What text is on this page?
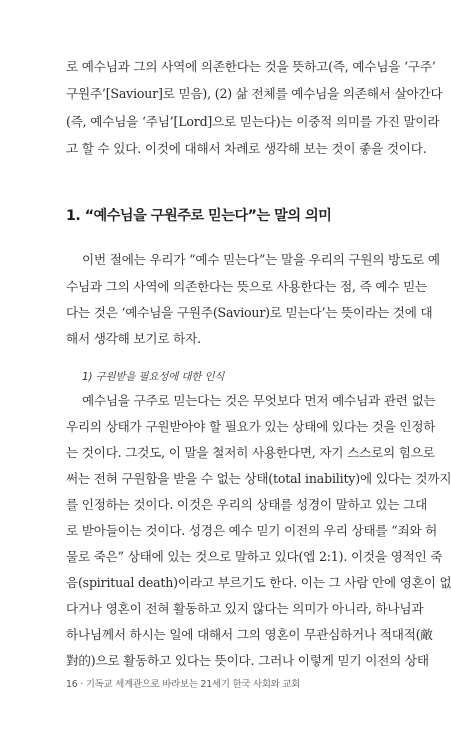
로 예수님과 그의 사역에 의존한다는 것을 뜻하고(즉, 예수님을 ‘구주’
구원주’[Saviour]로 믿음), (2) 삶 전체를 예수님을 의존해서 살아간다
(즉, 예수님을 ‘주님’[Lord]으로 믿는다)는 이중적 의미를 가진 말이라
고 할 수 있다. 이것에 대해서 차례로 생각해 보는 것이 좋을 것이다.
1. “예수님을 구원주로 믿는다”는 말의 의미
이번 절에는 우리가 “예수 믿는다”는 말을 우리의 구원의 방도로 예
수님과 그의 사역에 의존한다는 뜻으로 사용한다는 점, 즉 예수 믿는
다는 것은 ‘예수님을 구원주(Saviour)로 믿는다’는 뜻이라는 것에 대
해서 생각해 보기로 하자.
1) 구원받을 필요성에 대한 인식
예수님을 구주로 믿는다는 것은 무엇보다 먼저 예수님과 관련 없는
우리의 상태가 구원받아야 할 필요가 있는 상태에 있다는 것을 인정하
는 것이다. 그것도, 이 말을 철저히 사용한다면, 자기 스스로의 힘으로
써는 전혀 구원함을 받을 수 없는 상태(total inability)에 있다는 것까지
를 인정하는 것이다. 이것은 우리의 상태를 성경이 말하고 있는 그대
로 받아들이는 것이다. 성경은 예수 믿기 이전의 우리 상태를 “죄와 허
물로 죽은” 상태에 있는 것으로 말하고 있다(엡 2:1). 이것을 영적인 죽
음(spiritual death)이라고 부르기도 한다. 이는 그 사람 안에 영혼이 없
다거나 영혼이 전혀 활동하고 있지 않다는 의미가 아니라, 하나님과
하나님께서 하시는 일에 대해서 그의 영혼이 무관심하거나 적대적(敵
對的)으로 활동하고 있다는 뜻이다. 그러나 이렇게 믿기 이전의 상태
16 · 기독교 세계관으로 바라보는 21세기 한국 사회와 교회
